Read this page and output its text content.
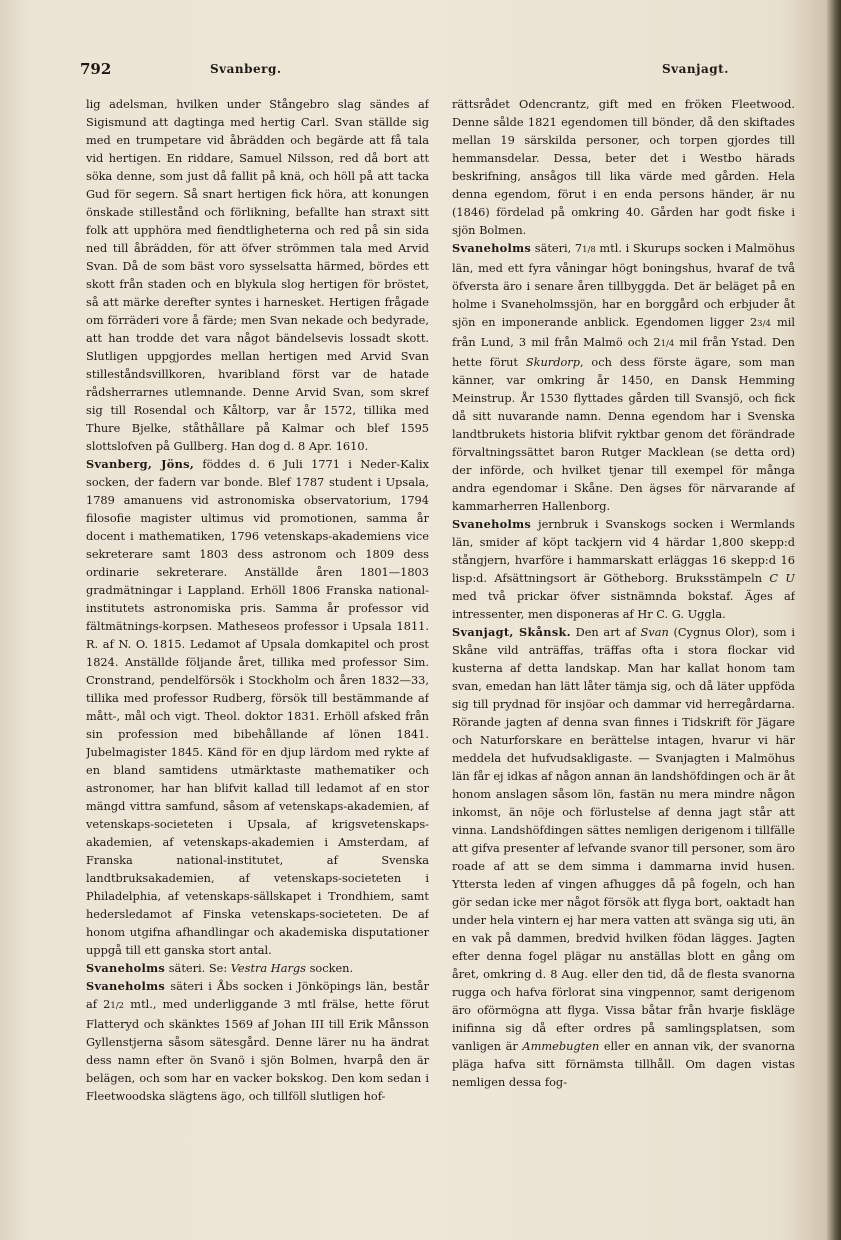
792	Svanberg.	Svanjagt.

lig adelsman, hvilken under Stångebro slag sändes af Sigismund att dagtinga med hertig Carl. Svan ställde sig med en trumpetare vid åbrädden och begärde att få tala vid hertigen. En riddare, Samuel Nilsson, red då bort att söka denne, som just då fallit på knä, och höll på att tacka Gud för segern. Så snart hertigen fick höra, att konungen önskade stillestånd och förlikning, befallte han straxt sitt folk att upphöra med fiendtligheterna och red på sin sida ned till åbrädden, för att öfver strömmen tala med Arvid Svan. Då de som bäst voro sysselsatta härmed, bördes ett skott från staden och en blykula slog hertigen för bröstet, så att märke derefter syntes i harnesket. Hertigen frågade om förräderi vore å färde; men Svan nekade och bedyrade, att han trodde det vara något bändelsevis lossadt skott. Slutligen uppgjordes mellan hertigen med Arvid Svan stilleståndsvillkoren, hvaribland först var de hatade rådsherrarnes utlemnande. Denne Arvid Svan, som skref sig till Rosendal och Kåltorp, var år 1572, tillika med Thure Bjelke, ståthållare på Kalmar och blef 1595 slottslofven på Gullberg. Han dog d. 8 Apr. 1610.

Svanberg, Jöns, föddes d. 6 Juli 1771 i Neder-Kalix socken, der fadern var bonde. Blef 1787 student i Upsala, 1789 amanuens vid astronomiska observatorium, 1794 filosofie magister ultimus vid promotionen, samma år docent i mathematiken, 1796 vetenskaps-akademiens vice sekreterare samt 1803 dess astronom och 1809 dess ordinarie sekreterare. Anställde åren 1801—1803 gradmätningar i Lappland. Erhöll 1806 Franska national-institutets astronomiska pris. Samma år professor vid fältmätnings-korpsen. Matheseos professor i Upsala 1811. R. af N. O. 1815. Ledamot af Upsala domkapitel och prost 1824. Anställde följande året, tillika med professor Sim. Cronstrand, pendelförsök i Stockholm och åren 1832—33, tillika med professor Rudberg, försök till bestämmande af mått-, mål och vigt. Theol. doktor 1831. Erhöll afsked från sin profession med bibehållande af lönen 1841. Jubelmagister 1845. Känd för en djup lärdom med rykte af en bland samtidens utmärktaste mathematiker och astronomer, har han blifvit kallad till ledamot af en stor mängd vittra samfund, såsom af vetenskaps-akademien, af vetenskaps-societeten i Upsala, af krigsvetenskaps-akademien, af vetenskaps-akademien i Amsterdam, af Franska national-institutet, af Svenska landtbruksakademien, af vetenskaps-societeten i Philadelphia, af vetenskaps-sällskapet i Trondhiem, samt hedersledamot af Finska vetenskaps-societeten. De af honom utgifna afhandlingar och akademiska disputationer uppgå till ett ganska stort antal.

Svaneholms säteri. Se: Vestra Hargs socken.

Svaneholms säteri i Åbs socken i Jönköpings län, består af 21/2 mtl., med underliggande 3 mtl frälse, hette förut Flatteryd och skänktes 1569 af Johan III till Erik Månsson Gyllenstjerna såsom sätesgård. Denne lärer nu ha ändrat dess namn efter ön Svanö i sjön Bolmen, hvarpå den är belägen, och som har en vacker bokskog. Den kom sedan i Fleetwoodska slägtens ägo, och tillföll slutligen hof-

rättsrådet Odencrantz, gift med en fröken Fleetwood. Denne sålde 1821 egendomen till bönder, då den skiftades mellan 19 särskilda personer, och torpen gjordes till hemmansdelar. Dessa, beter det i Westbo härads beskrifning, ansågos till lika värde med gården. Hela denna egendom, förut i en enda persons händer, är nu (1846) fördelad på omkring 40. Gården har godt fiske i sjön Bolmen.

Svaneholms säteri, 71/8 mtl. i Skurups socken i Malmöhus län, med ett fyra våningar högt boningshus, hvaraf de två öfversta äro i senare åren tillbyggda. Det är beläget på en holme i Svaneholmssjön, har en borggård och erbjuder åt sjön en imponerande anblick. Egendomen ligger 23/4 mil från Lund, 3 mil från Malmö och 21/4 mil från Ystad. Den hette förut Skurdorp, och dess förste ägare, som man känner, var omkring år 1450, en Dansk Hemming Meinstrup. År 1530 flyttades gården till Svansjö, och fick då sitt nuvarande namn. Denna egendom har i Svenska landtbrukets historia blifvit ryktbar genom det förändrade förvaltningssättet baron Rutger Macklean (se detta ord) der införde, och hvilket tjenar till exempel för många andra egendomar i Skåne. Den ägses för närvarande af kammarherren Hallenborg.

Svaneholms jernbruk i Svanskogs socken i Wermlands län, smider af köpt tackjern vid 4 härdar 1,800 skepp:d stångjern, hvarföre i hammarskatt erläggas 16 skepp:d 16 lisp:d. Afsättningsort är Götheborg. Bruksstämpeln C U med två prickar öfver sistnämnda bokstaf. Äges af intressenter, men disponeras af Hr C. G. Uggla.

Svanjagt, Skånsk. Den art af Svan (Cygnus Olor), som i Skåne vild anträffas, träffas ofta i stora flockar vid kusterna af detta landskap. Man har kallat honom tam svan, emedan han lätt låter tämja sig, och då läter uppföda sig till prydnad för insjöar och dammar vid herregårdarna. Rörande jagten af denna svan finnes i Tidskrift för Jägare och Naturforskare en berättelse intagen, hvarur vi här meddela det hufvudsakligaste. — Svanjagten i Malmöhus län får ej idkas af någon annan än landshöfdingen och är åt honom anslagen såsom lön, fastän nu mera mindre någon inkomst, än nöje och förlustelse af denna jagt står att vinna. Landshöfdingen sättes nemligen derigenom i tillfälle att gifva presenter af lefvande svanor till personer, som äro roade af att se dem simma i dammarna invid husen. Yttersta leden af vingen afhugges då på fogeln, och han gör sedan icke mer något försök att flyga bort, oaktadt han under hela vintern ej har mera vatten att svänga sig uti, än en vak på dammen, bredvid hvilken födan lägges. Jagten efter denna fogel plägar nu anställas blott en gång om året, omkring d. 8 Aug. eller den tid, då de flesta svanorna rugga och hafva förlorat sina vingpennor, samt derigenom äro oförmögna att flyga. Vissa båtar från hvarje fiskläge inifinna sig då efter ordres på samlingsplatsen, som vanligen är Ammebugten eller en annan vik, der svanorna pläga hafva sitt förnämsta tillhåll. Om dagen vistas nemligen dessa fog-
